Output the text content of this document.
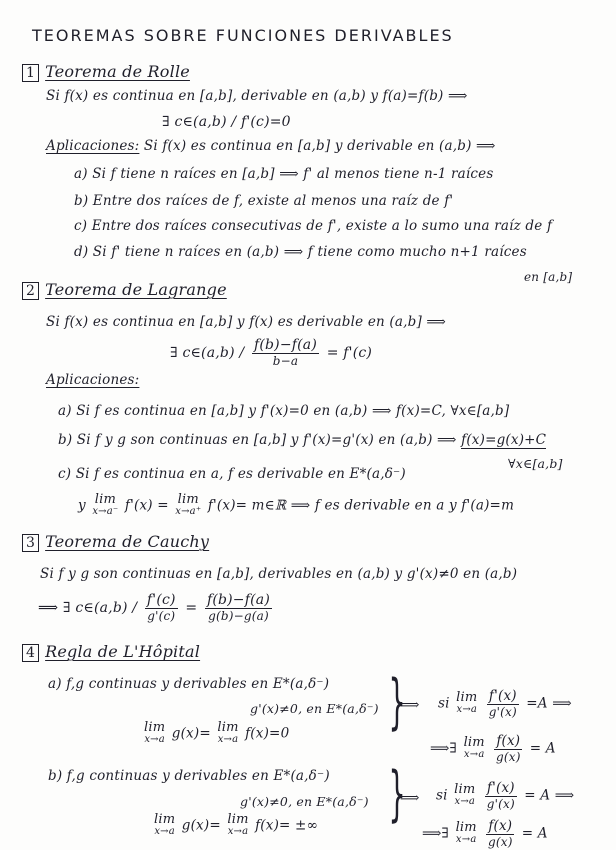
TEOREMAS SOBRE FUNCIONES DERIVABLES
1 Teorema de Rolle
Si f(x) es continua en [a,b], derivable en (a,b) y f(a)=f(b) ⟹
∃ c∈(a,b) / f'(c)=0
Aplicaciones: Si f(x) es continua en [a,b] y derivable en (a,b) ⟹
a) Si f tiene n raíces en [a,b] ⟹ f' al menos tiene n-1 raíces
b) Entre dos raíces de f, existe al menos una raíz de f'
c) Entre dos raíces consecutivas de f', existe a lo sumo una raíz de f
d) Si f' tiene n raíces en (a,b) ⟹ f tiene como mucho n+1 raíces
en [a,b]
2 Teorema de Lagrange
Si f(x) es continua en [a,b] y f(x) es derivable en (a,b] ⟹
∃ c∈(a,b) / $\frac{f(b)-f(a)}{b-a} = f'(c)$
Aplicaciones:
a) Si f es continua en [a,b] y f'(x)=0 en (a,b) ⟹ f(x)=C, ∀x∈[a,b]
b) Si f y g son continuas en [a,b] y f'(x)=g'(x) en (a,b) ⟹ f(x)=g(x)+C
∀x∈[a,b]
c) Si f es continua en a, f es derivable en E*(a,δ⁻)
y lim
x→a⁻ f'(x) = lim
x→a⁺ f'(x)= m∈ℝ ⟹ f es derivable en a y f'(a)=m
3 Teorema de Cauchy
Si f y g son continuas en [a,b], derivables en (a,b) y g'(x)≠0 en (a,b)
⟹ ∃ c∈(a,b) / $\frac{f'(c)}{g'(c)} = \frac{f(b)-f(a)}{g(b)-g(a)}$
4 Regla de L'Hôpital
a) f,g continuas y derivables en E*(a,δ⁻)
g'(x)≠0, en E*(a,δ⁻)
lim
x→a g(x)= lim
x→a f(x)=0 }
⟹ si lim
x→a
$\frac{f'(x)}{g'(x)} =A$ ⟹
⟹∃ lim
x→a
$\frac{f(x)}{g(x)} = A$
b) f,g continuas y derivables en E*(a,δ⁻)
g'(x)≠0, en E*(a,δ⁻)
lim
x→a g(x)= lim
x→a f(x)= ±∞ }
⟹ si lim
x→a
$\frac{f'(x)}{g'(x)} = A$ ⟹
⟹∃ lim
x→a
$\frac{f(x)}{g(x)} = A$
